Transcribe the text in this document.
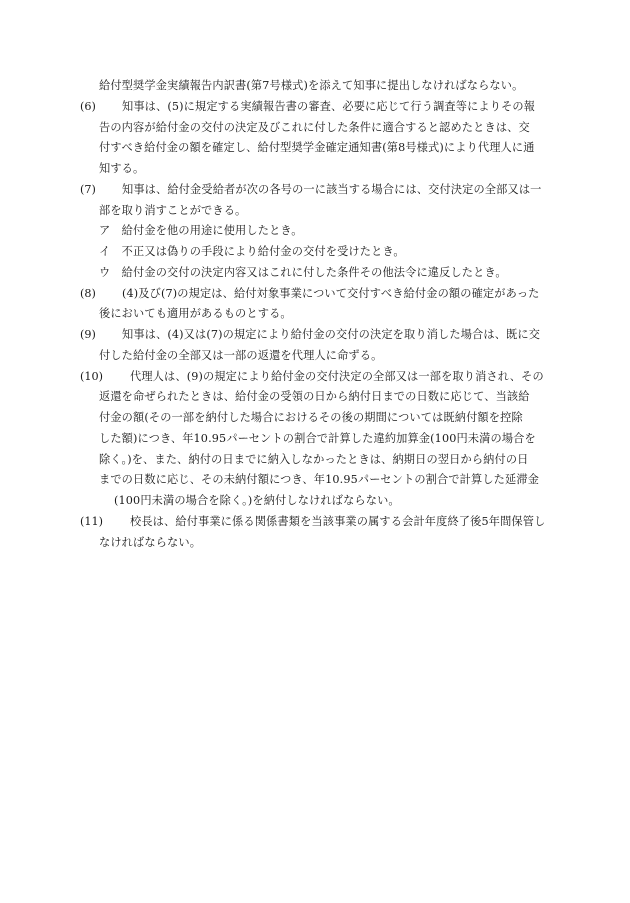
給付型奨学金実績報告内訳書(第7号様式)を添えて知事に提出しなければならない。
(6) 知事は、(5)に規定する実績報告書の審査、必要に応じて行う調査等によりその報
告の内容が給付金の交付の決定及びこれに付した条件に適合すると認めたときは、交
付すべき給付金の額を確定し、給付型奨学金確定通知書(第8号様式)により代理人に通
知する。
(7) 知事は、給付金受給者が次の各号の一に該当する場合には、交付決定の全部又は一
部を取り消すことができる。
ア　給付金を他の用途に使用したとき。
イ　不正又は偽りの手段により給付金の交付を受けたとき。
ウ　給付金の交付の決定内容又はこれに付した条件その他法令に違反したとき。
(8) (4)及び(7)の規定は、給付対象事業について交付すべき給付金の額の確定があった
後においても適用があるものとする。
(9) 知事は、(4)又は(7)の規定により給付金の交付の決定を取り消した場合は、既に交
付した給付金の全部又は一部の返還を代理人に命ずる。
(10) 代理人は、(9)の規定により給付金の交付決定の全部又は一部を取り消され、その
返還を命ぜられたときは、給付金の受領の日から納付日までの日数に応じて、当該給
付金の額(その一部を納付した場合におけるその後の期間については既納付額を控除
した額)につき、年10.95パーセントの割合で計算した違約加算金(100円未満の場合を
除く。)を、また、納付の日までに納入しなかったときは、納期日の翌日から納付の日
までの日数に応じ、その未納付額につき、年10.95パーセントの割合で計算した延滞金
(100円未満の場合を除く。)を納付しなければならない。
(11) 校長は、給付事業に係る関係書類を当該事業の属する会計年度終了後5年間保管し
なければならない。
